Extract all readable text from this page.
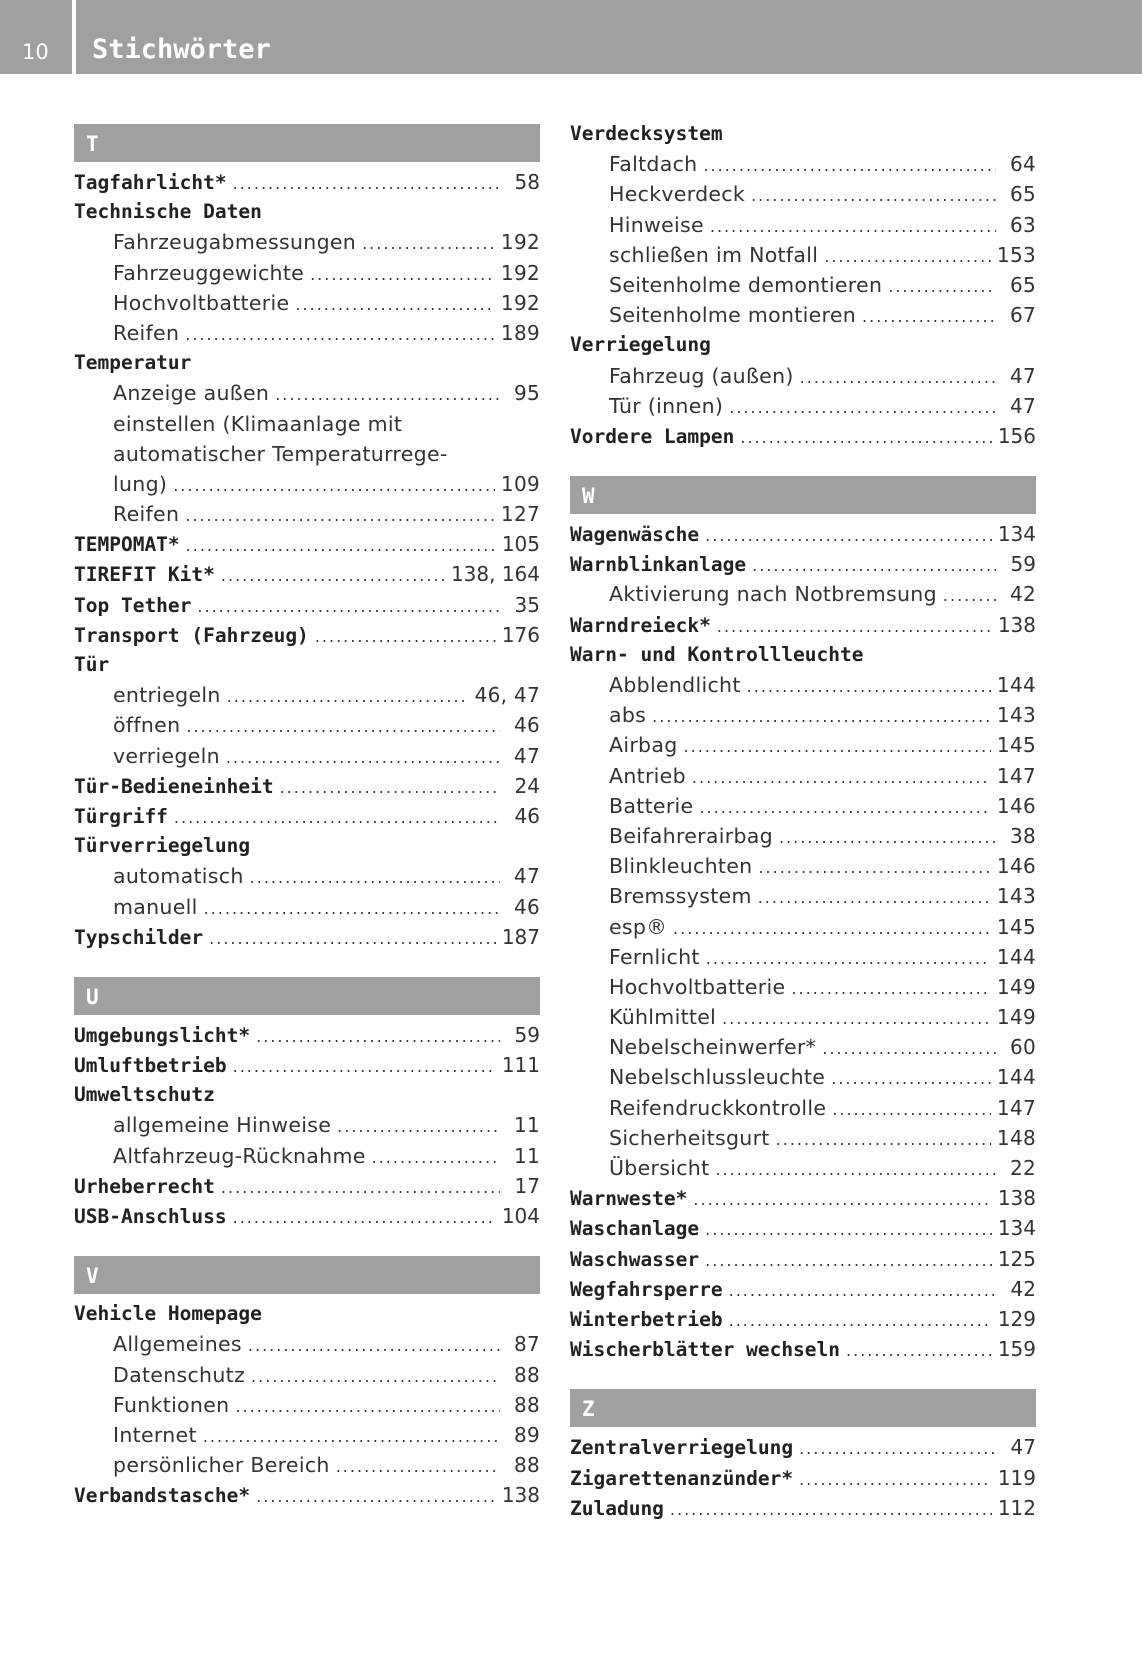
10 Stichwörter
T
Tagfahrlicht* .....	58
Technische Daten
Fahrzeugabmessungen .....	192
Fahrzeuggewichte .....	192
Hochvoltbatterie .....	192
Reifen .....	189
Temperatur
Anzeige außen .....	95
einstellen (Klimaanlage mit
automatischer Temperaturrege-
lung) .....	109
Reifen .....	127
TEMPOMAT* .....	105
TIREFIT Kit* .....	138, 164
Top Tether .....	35
Transport (Fahrzeug) .....	176
Tür
entriegeln .....	46, 47
öffnen .....	46
verriegeln .....	47
Tür-Bedieneinheit .....	24
Türgriff .....	46
Türverriegelung
automatisch .....	47
manuell .....	46
Typschilder .....	187
U
Umgebungslicht* .....	59
Umluftbetrieb .....	111
Umweltschutz
allgemeine Hinweise .....	11
Altfahrzeug-Rücknahme .....	11
Urheberrecht .....	17
USB-Anschluss .....	104
V
Vehicle Homepage
Allgemeines .....	87
Datenschutz .....	88
Funktionen .....	88
Internet .....	89
persönlicher Bereich .....	88
Verbandstasche* .....	138
Verdecksystem
Faltdach .....	64
Heckverdeck .....	65
Hinweise .....	63
schließen im Notfall .....	153
Seitenholme demontieren .....	65
Seitenholme montieren .....	67
Verriegelung
Fahrzeug (außen) .....	47
Tür (innen) .....	47
Vordere Lampen .....	156
W
Wagenwäsche .....	134
Warnblinkanlage .....	59
Aktivierung nach Notbremsung .....	42
Warndreieck* .....	138
Warn- und Kontrollleuchte
Abblendlicht .....	144
abs .....	143
Airbag .....	145
Antrieb .....	147
Batterie .....	146
Beifahrerairbag .....	38
Blinkleuchten .....	146
Bremssystem .....	143
esp® .....	145
Fernlicht .....	144
Hochvoltbatterie .....	149
Kühlmittel .....	149
Nebelscheinwerfer* .....	60
Nebelschlussleuchte .....	144
Reifendruckkontrolle .....	147
Sicherheitsgurt .....	148
Übersicht .....	22
Warnweste* .....	138
Waschanlage .....	134
Waschwasser .....	125
Wegfahrsperre .....	42
Winterbetrieb .....	129
Wischerblätter wechseln .....	159
Z
Zentralverriegelung .....	47
Zigarettenanzünder* .....	119
Zuladung .....	112
